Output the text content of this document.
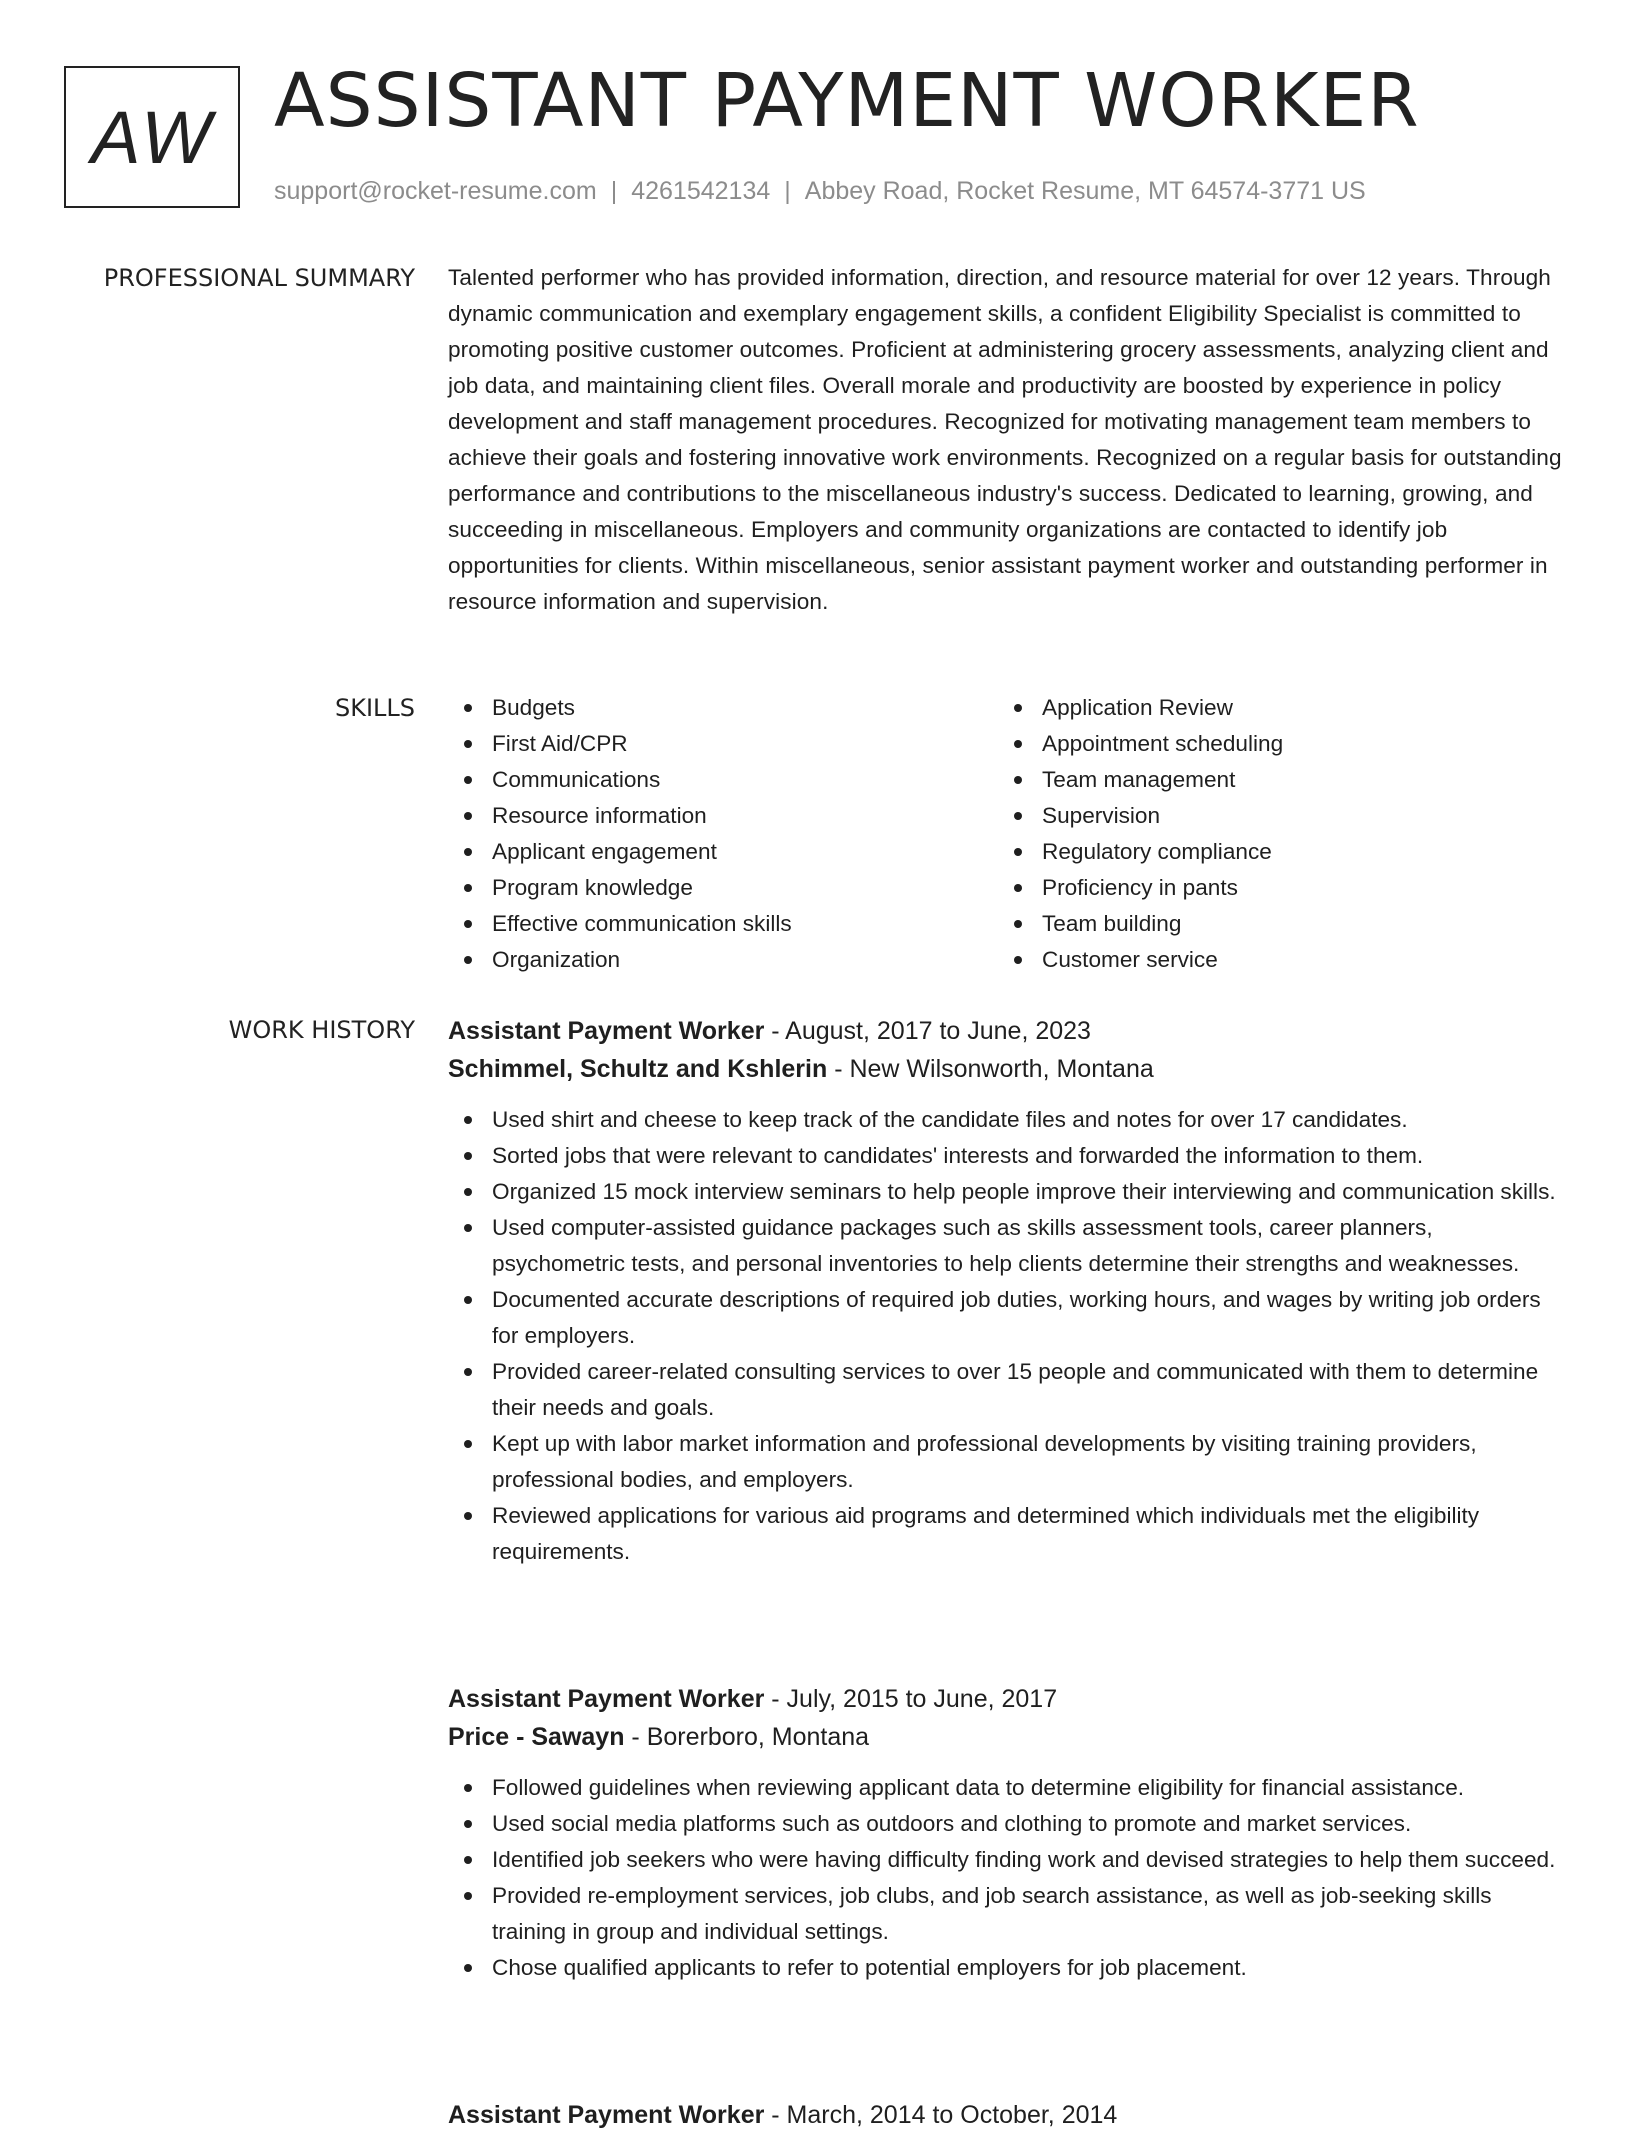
AW ASSISTANT PAYMENT WORKER
support@rocket-resume.com | 4261542134 | Abbey Road, Rocket Resume, MT 64574-3771 US
PROFESSIONAL SUMMARY Talented performer who has provided information, direction, and resource material for over 12 years. Through dynamic communication and exemplary engagement skills, a confident Eligibility Specialist is committed to promoting positive customer outcomes. Proficient at administering grocery assessments, analyzing client and job data, and maintaining client files. Overall morale and productivity are boosted by experience in policy development and staff management procedures. Recognized for motivating management team members to achieve their goals and fostering innovative work environments. Recognized on a regular basis for outstanding performance and contributions to the miscellaneous industry's success. Dedicated to learning, growing, and succeeding in miscellaneous. Employers and community organizations are contacted to identify job opportunities for clients. Within miscellaneous, senior assistant payment worker and outstanding performer in resource information and supervision.

SKILLS	Budgets
First Aid/CPR
Communications
Resource information
Applicant engagement
Program knowledge
Effective communication skills
Organization
Application Review
Appointment scheduling
Team management
Supervision
Regulatory compliance
Proficiency in pants
Team building
Customer service
WORK HISTORY Assistant Payment Worker - August, 2017 to June, 2023
Schimmel, Schultz and Kshlerin - New Wilsonworth, Montana
Used shirt and cheese to keep track of the candidate files and notes for over 17 candidates.
Sorted jobs that were relevant to candidates' interests and forwarded the information to them.
Organized 15 mock interview seminars to help people improve their interviewing and communication skills.
Used computer-assisted guidance packages such as skills assessment tools, career planners, psychometric tests, and personal inventories to help clients determine their strengths and weaknesses.
Documented accurate descriptions of required job duties, working hours, and wages by writing job orders for employers.
Provided career-related consulting services to over 15 people and communicated with them to determine their needs and goals.
Kept up with labor market information and professional developments by visiting training providers, professional bodies, and employers.
Reviewed applications for various aid programs and determined which individuals met the eligibility requirements.
Assistant Payment Worker - July, 2015 to June, 2017
Price - Sawayn - Borerboro, Montana
Followed guidelines when reviewing applicant data to determine eligibility for financial assistance.
Used social media platforms such as outdoors and clothing to promote and market services.
Identified job seekers who were having difficulty finding work and devised strategies to help them succeed.
Provided re-employment services, job clubs, and job search assistance, as well as job-seeking skills training in group and individual settings.
Chose qualified applicants to refer to potential employers for job placement.
Assistant Payment Worker - March, 2014 to October, 2014
